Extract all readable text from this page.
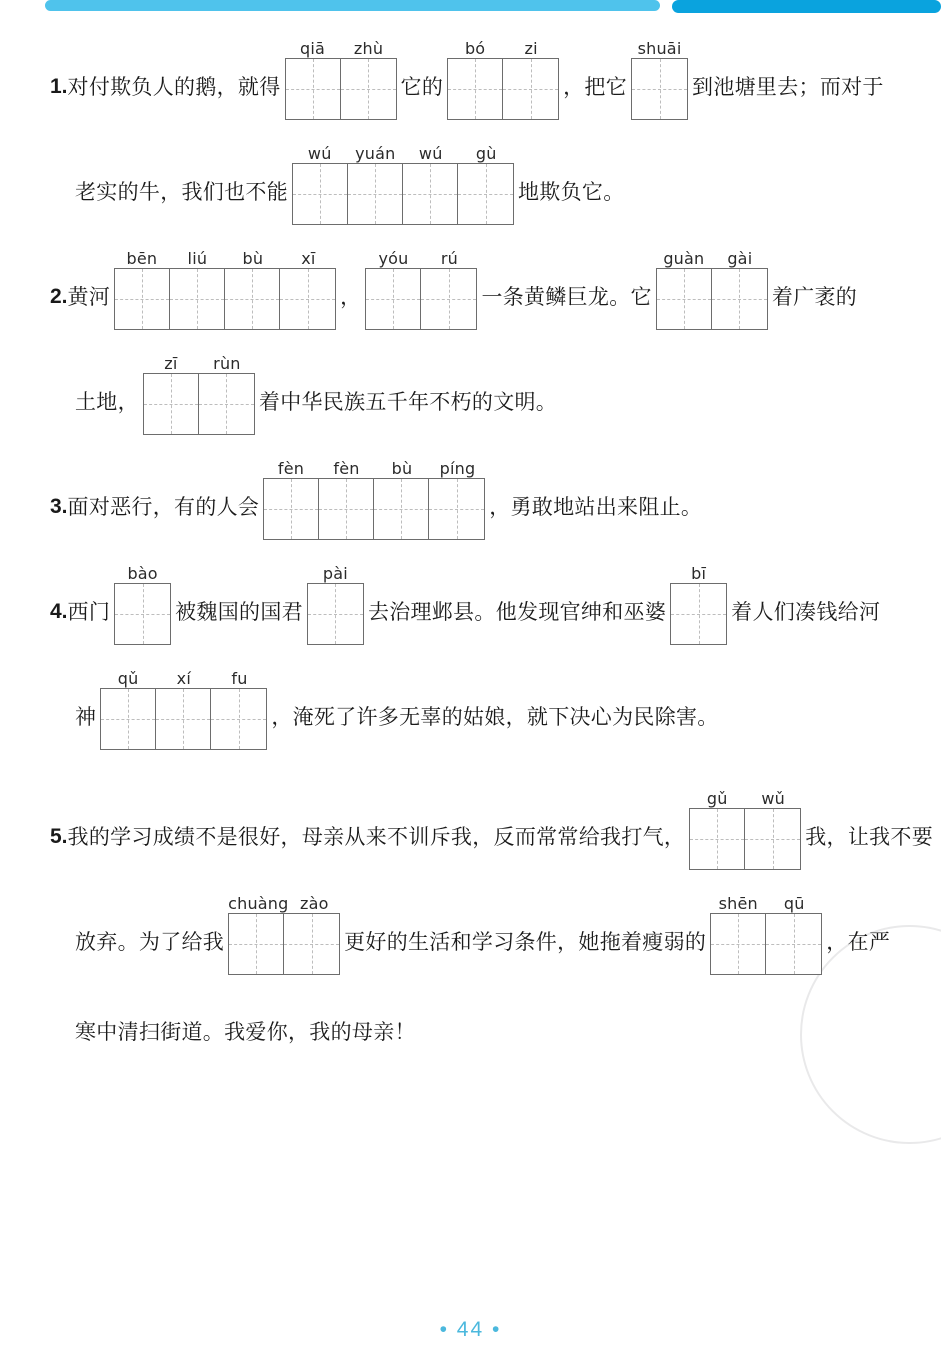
1. 对付欺负人的鹅，就得
qiā	zhù
它的
bó	zi
，把它
shuāi
到池塘里去；而对于
老实的牛，我们也不能
wú	yuán	wú	gù
地欺负它。
2. 黄河
bēn	liú	bù	xī
，
yóu	rú
一条黄鳞巨龙。它
guàn	gài
着广袤的
土地，
zī	rùn
着中华民族五千年不朽的文明。
3. 面对恶行，有的人会
fèn	fèn	bù	píng
，勇敢地站出来阻止。
4. 西门
bào
被魏国的国君
pài
去治理邺县。他发现官绅和巫婆
bī
着人们凑钱给河
神
qǔ	xí	fu
，淹死了许多无辜的姑娘，就下决心为民除害。
5. 我的学习成绩不是很好，母亲从来不训斥我，反而常常给我打气，
gǔ	wǔ
我，让我不要
放弃。为了给我
chuàng zào
更好的生活和学习条件，她拖着瘦弱的
shēn	qū
，在严
寒中清扫街道。我爱你，我的母亲！
• 44 •
